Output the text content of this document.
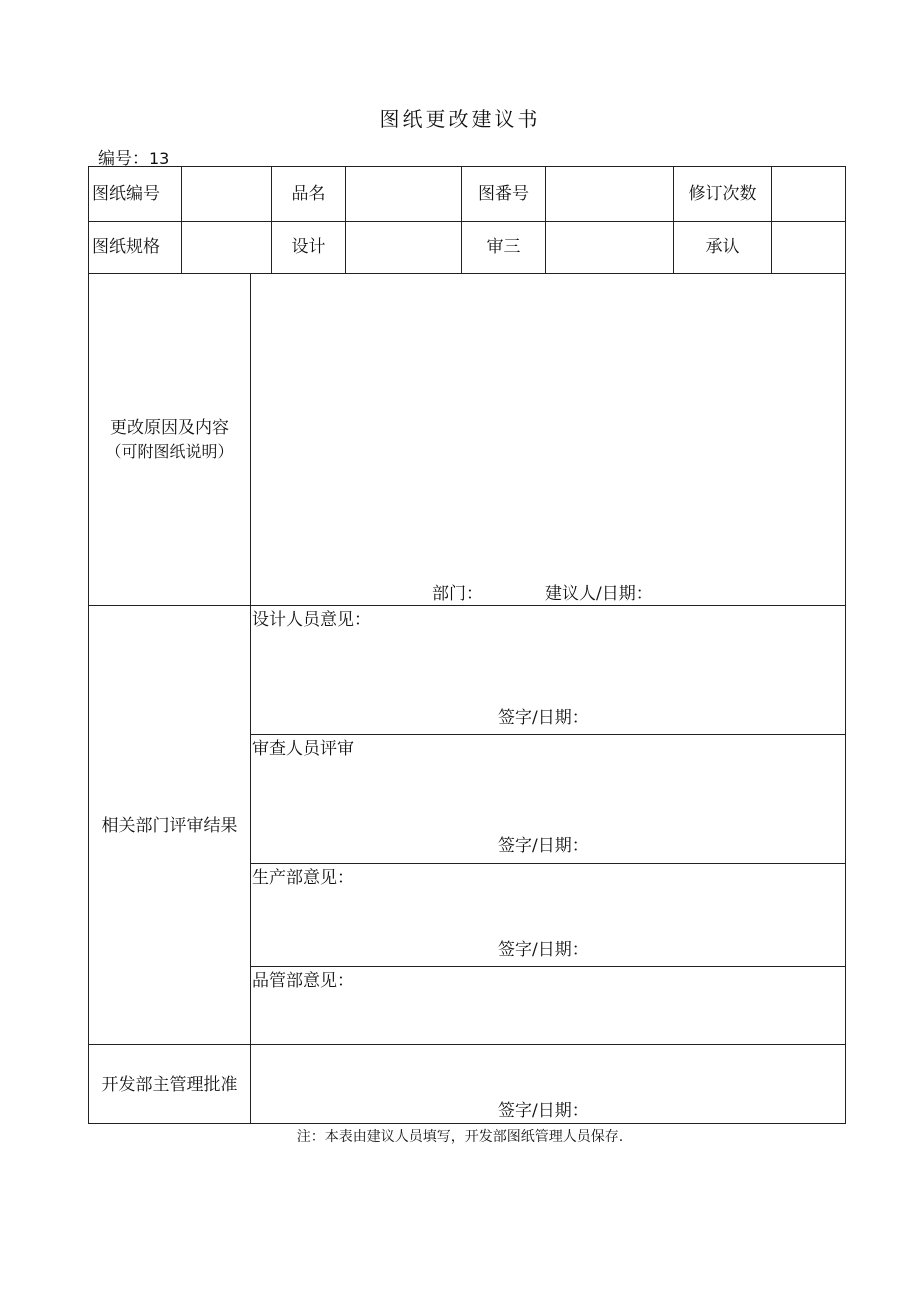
图纸更改建议书
编号：13
图纸编号	品名	图番号	修订次数
图纸规格	设计	审三	承认
更改原因及内容
（可附图纸说明）
部门：	建议人/日期：
相关部门评审结果
设计人员意见：
签字/日期：
审查人员评审
签字/日期：
生产部意见：
签字/日期：
品管部意见：
开发部主管理批准
签字/日期：
注：本表由建议人员填写，开发部图纸管理人员保存.
